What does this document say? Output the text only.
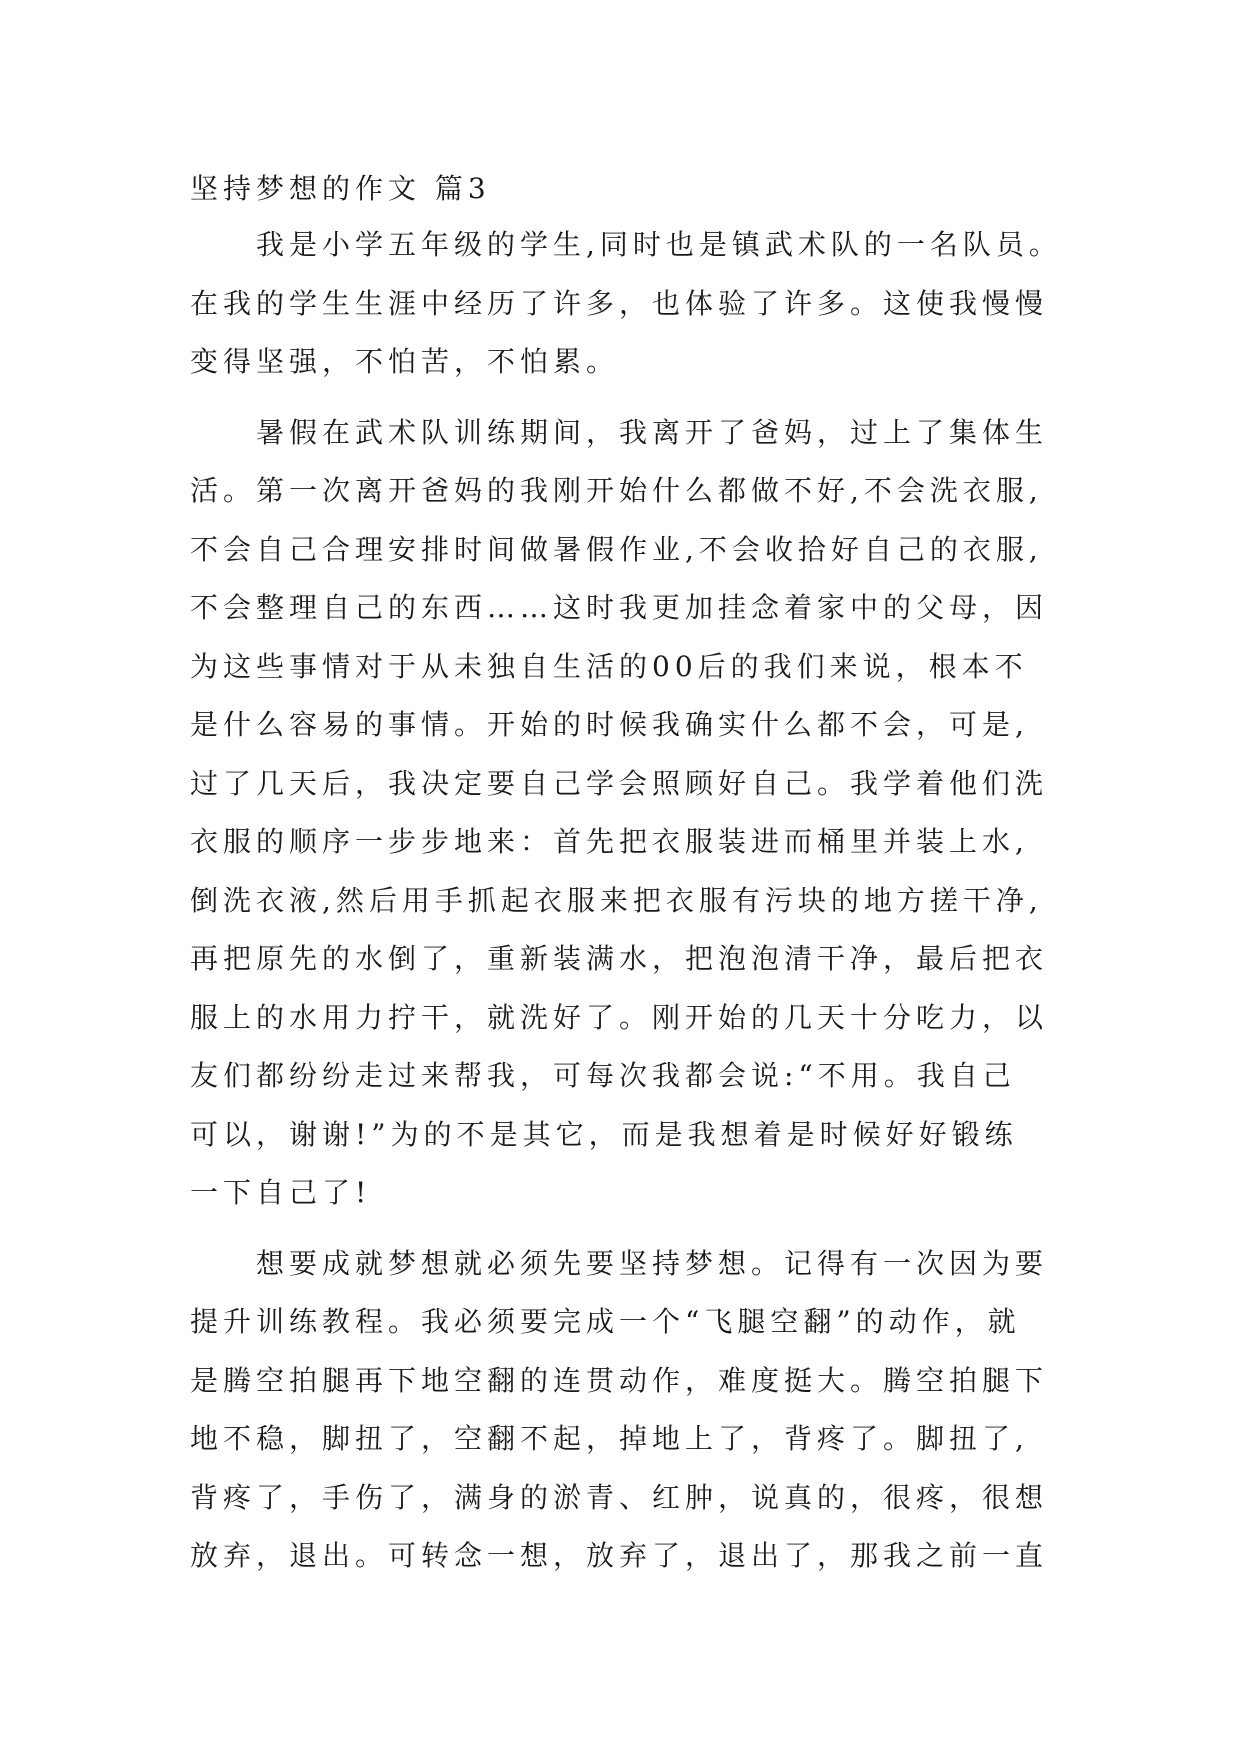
坚持梦想的作文 篇3
我是小学五年级的学生,同时也是镇武术队的一名队员。
在我的学生生涯中经历了许多，也体验了许多。这使我慢慢
变得坚强，不怕苦，不怕累。
暑假在武术队训练期间，我离开了爸妈，过上了集体生
活。第一次离开爸妈的我刚开始什么都做不好,不会洗衣服,
不会自己合理安排时间做暑假作业,不会收拾好自己的衣服,
不会整理自己的东西……这时我更加挂念着家中的父母，因
为这些事情对于从未独自生活的00后的我们来说，根本不
是什么容易的事情。开始的时候我确实什么都不会，可是,
过了几天后，我决定要自己学会照顾好自己。我学着他们洗
衣服的顺序一步步地来：首先把衣服装进而桶里并装上水,
倒洗衣液,然后用手抓起衣服来把衣服有污块的地方搓干净,
再把原先的水倒了，重新装满水，把泡泡清干净，最后把衣
服上的水用力拧干，就洗好了。刚开始的几天十分吃力，以
友们都纷纷走过来帮我，可每次我都会说:“不用。我自己
可以，谢谢!”为的不是其它，而是我想着是时候好好锻练
一下自己了!
想要成就梦想就必须先要坚持梦想。记得有一次因为要
提升训练教程。我必须要完成一个“飞腿空翻”的动作，就
是腾空拍腿再下地空翻的连贯动作，难度挺大。腾空拍腿下
地不稳，脚扭了，空翻不起，掉地上了，背疼了。脚扭了,
背疼了，手伤了，满身的淤青、红肿，说真的，很疼，很想
放弃，退出。可转念一想，放弃了，退出了，那我之前一直
